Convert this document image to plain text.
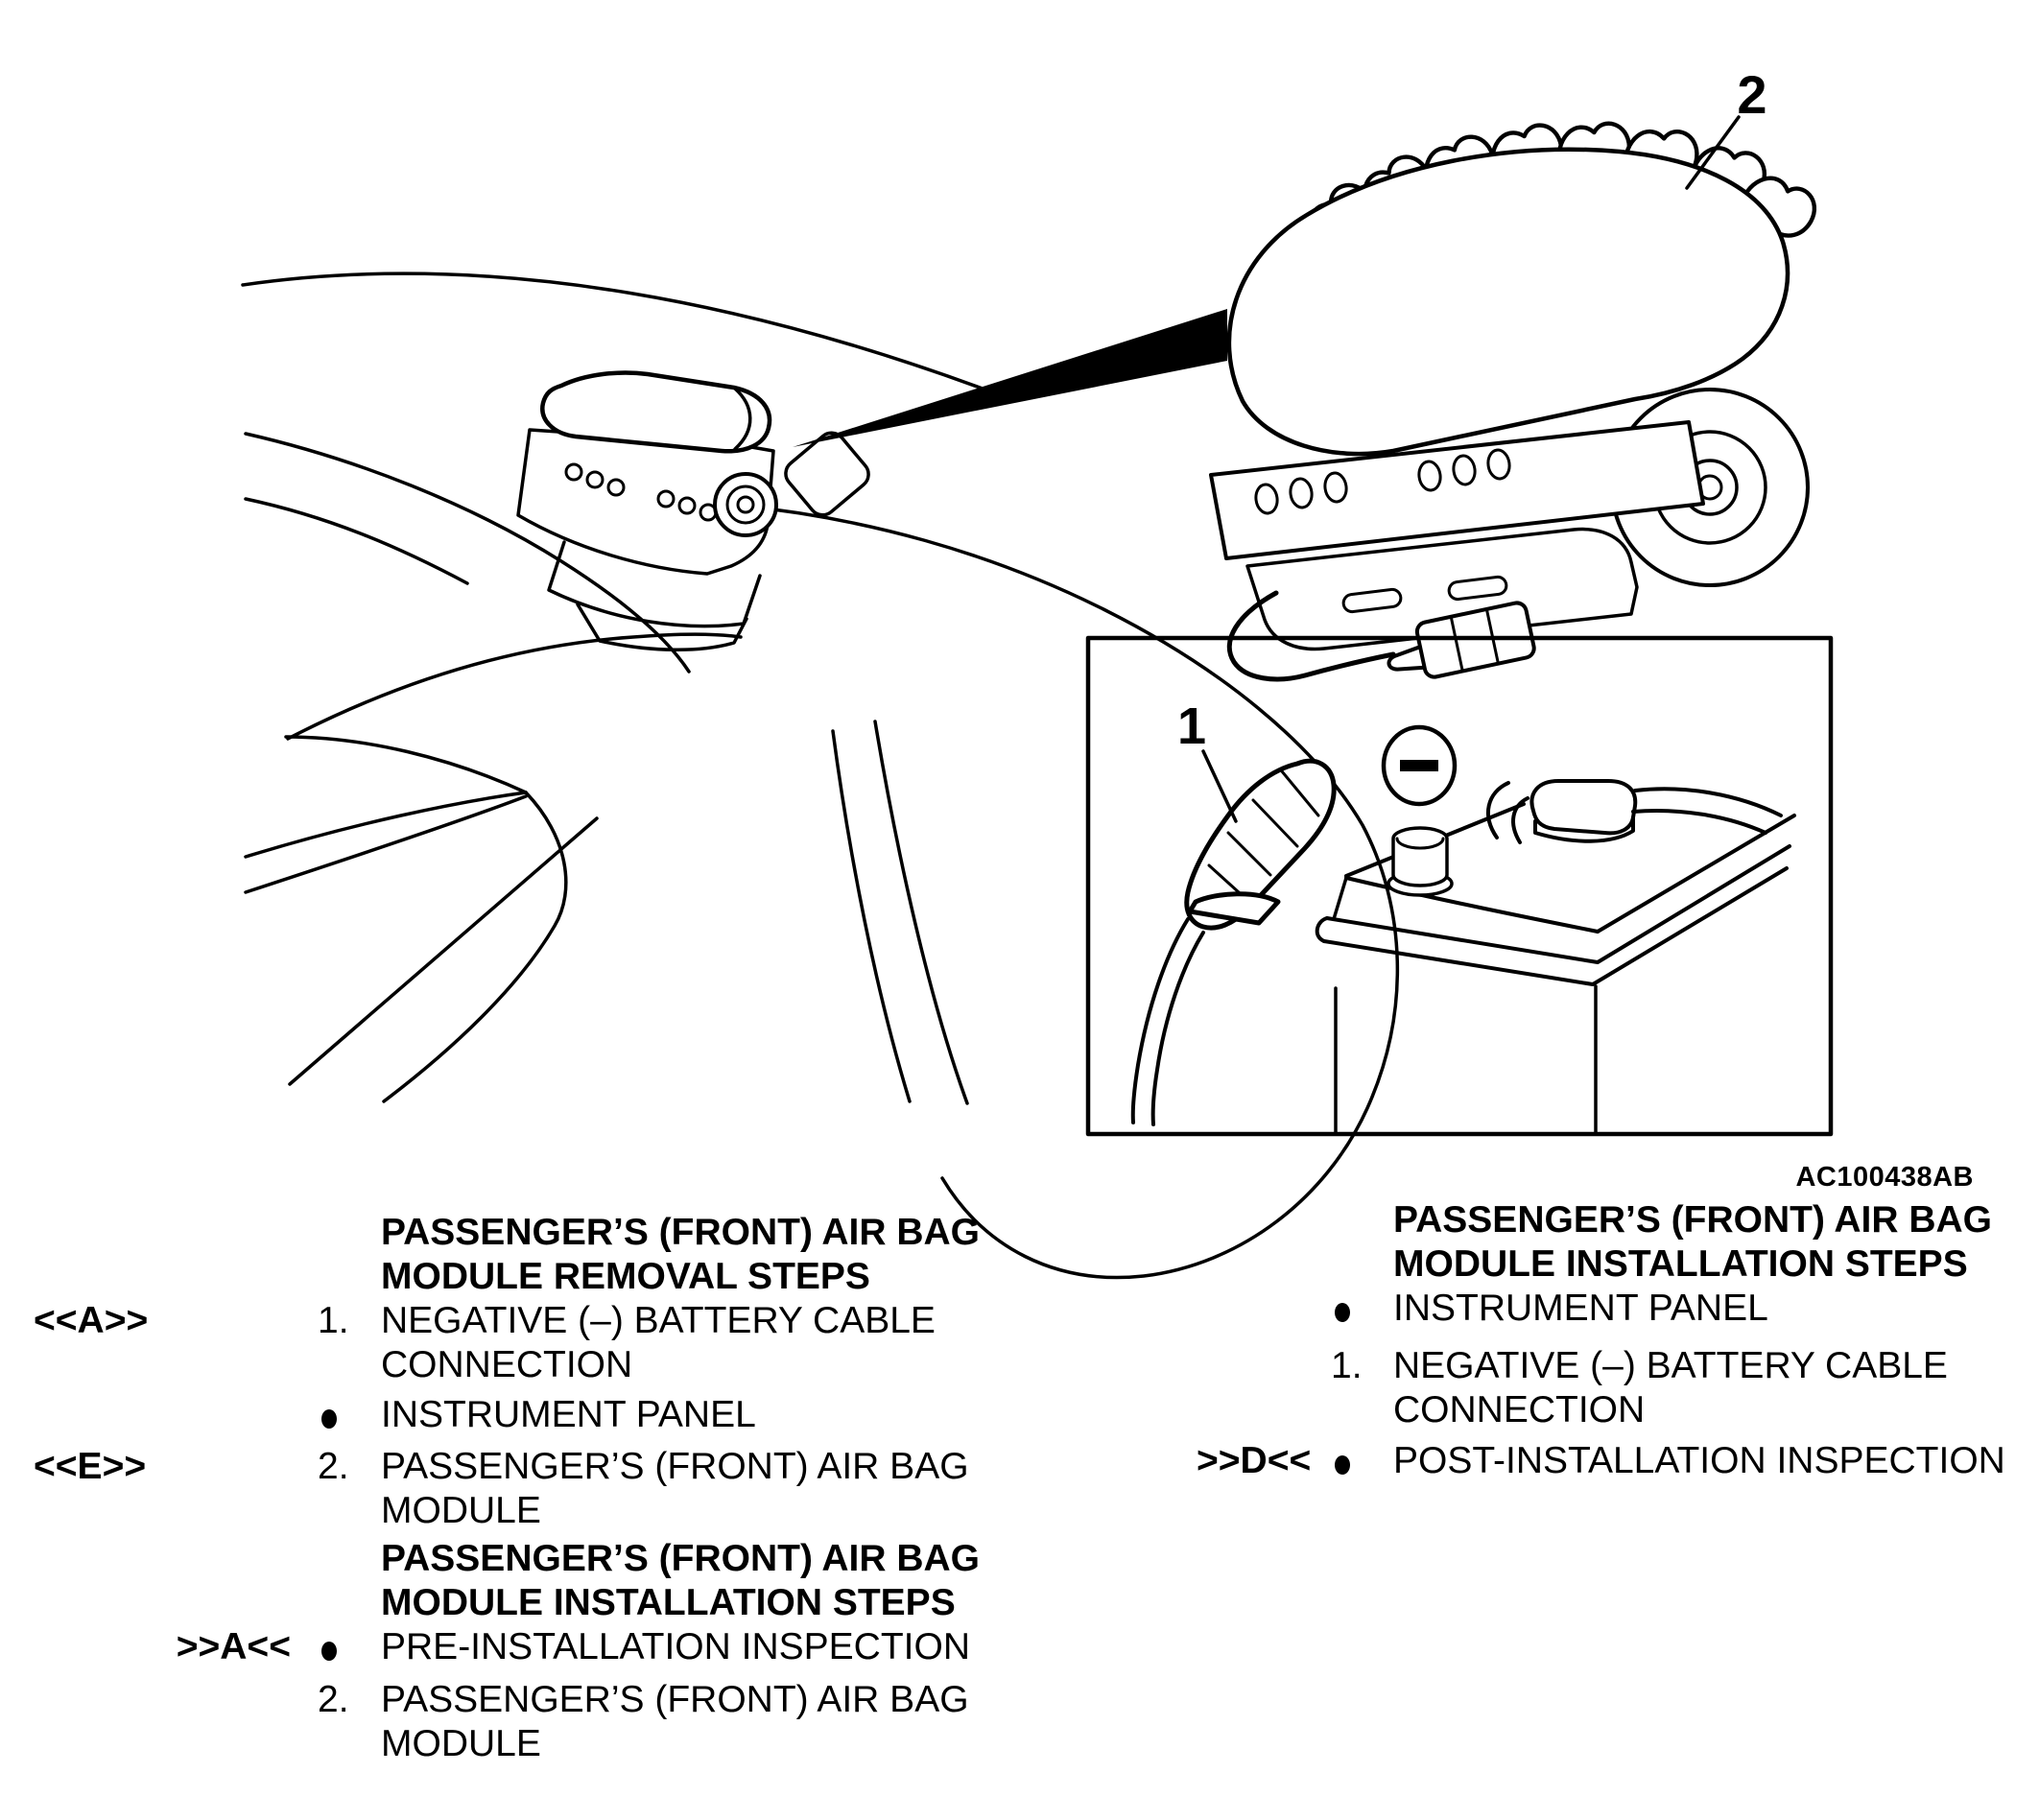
2
1
AC100438AB
PASSENGER’S (FRONT) AIR BAG MODULE REMOVAL STEPS
<<A>>	1. NEGATIVE (–) BATTERY CABLE CONNECTION
INSTRUMENT PANEL
<<E>>	2. PASSENGER’S (FRONT) AIR BAG MODULE
PASSENGER’S (FRONT) AIR BAG MODULE INSTALLATION STEPS
>>A<<	PRE-INSTALLATION INSPECTION
2. PASSENGER’S (FRONT) AIR BAG MODULE
PASSENGER’S (FRONT) AIR BAG MODULE INSTALLATION STEPS
INSTRUMENT PANEL
1. NEGATIVE (–) BATTERY CABLE CONNECTION
>>D<<	POST-INSTALLATION INSPECTION
